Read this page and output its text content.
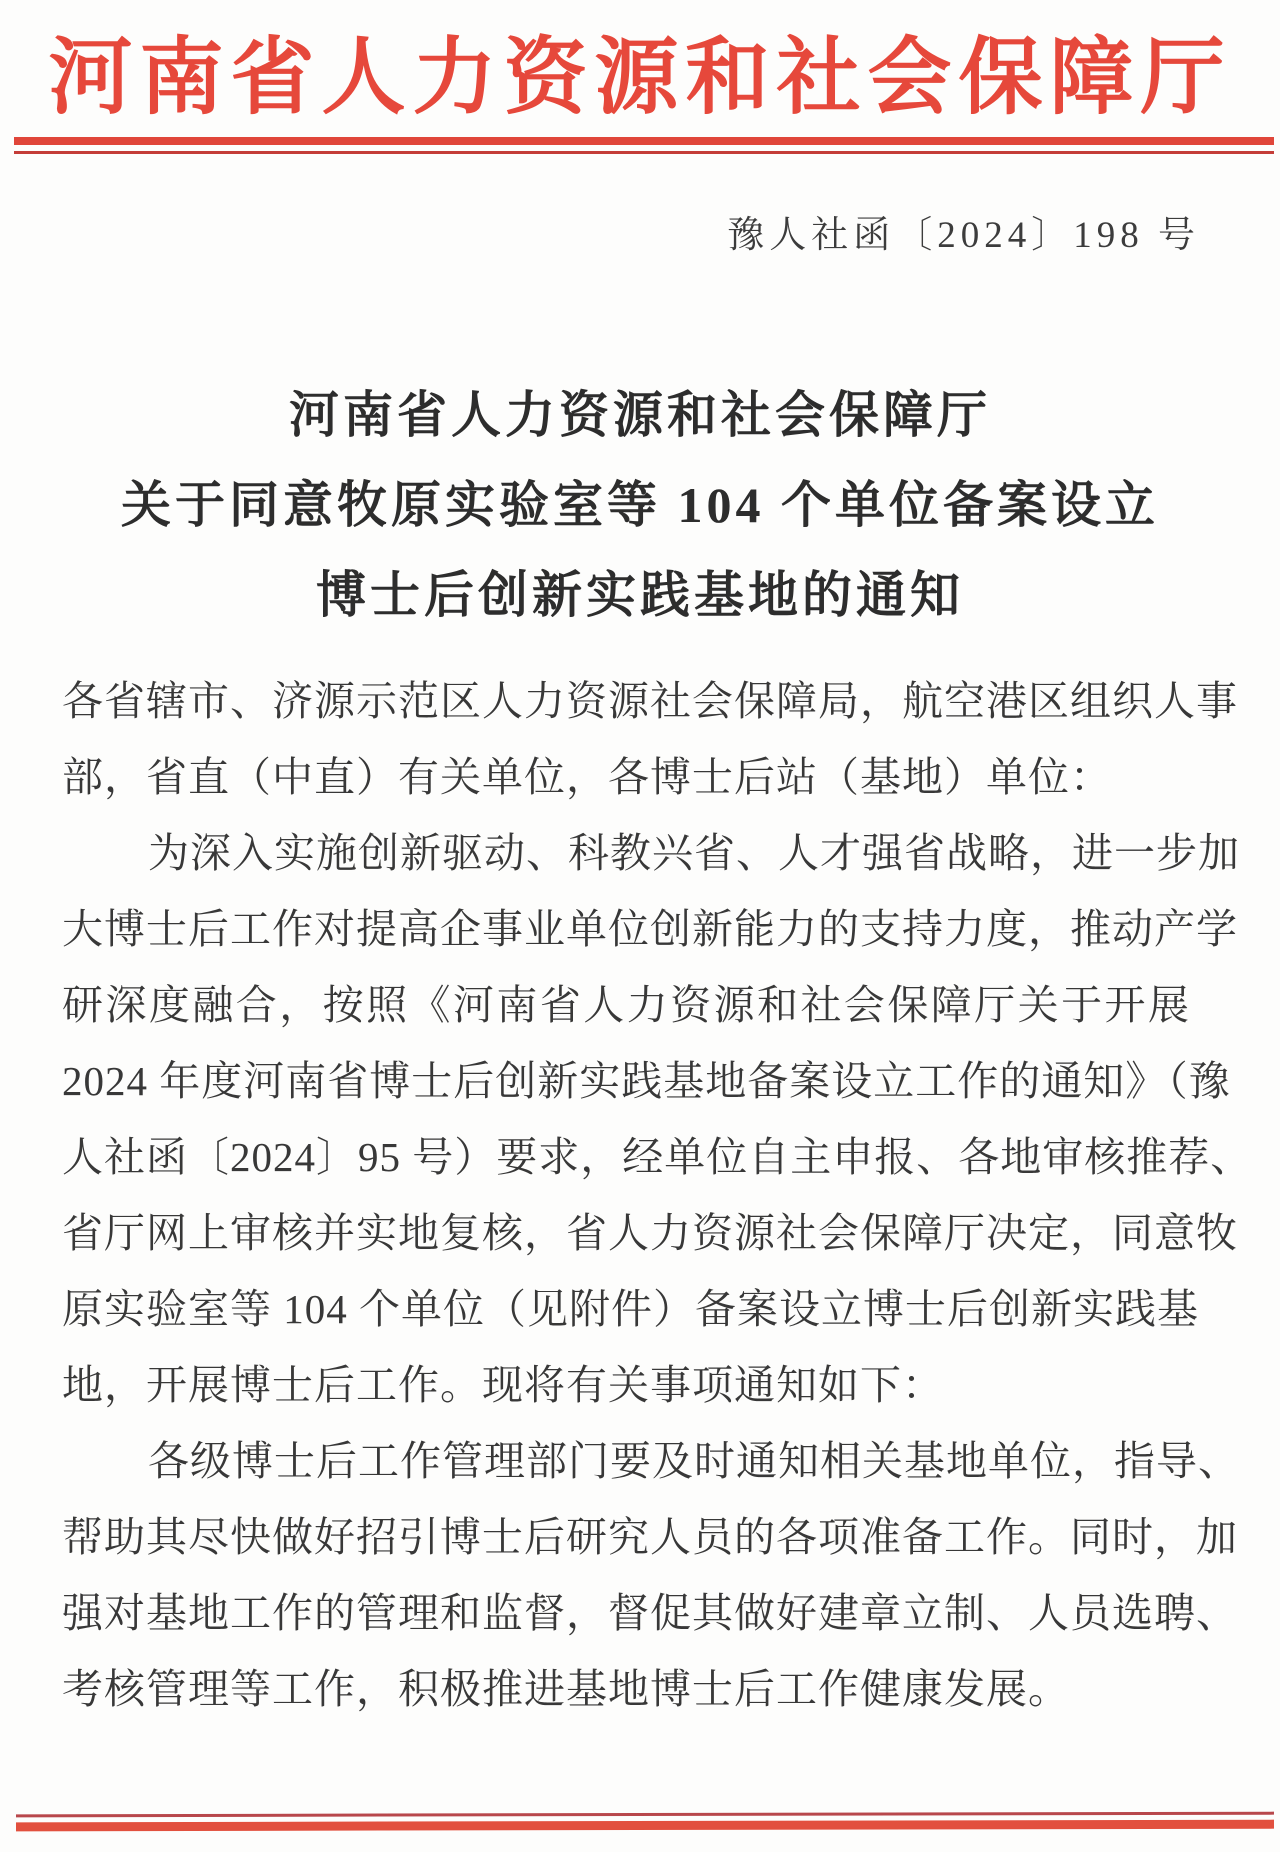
河南省人力资源和社会保障厅
豫人社函〔2024〕198 号
河南省人力资源和社会保障厅
关于同意牧原实验室等 104 个单位备案设立
博士后创新实践基地的通知
各省辖市、济源示范区人力资源社会保障局，航空港区组织人事
部，省直（中直）有关单位，各博士后站（基地）单位：
为深入实施创新驱动、科教兴省、人才强省战略，进一步加
大博士后工作对提高企事业单位创新能力的支持力度，推动产学
研深度融合，按照《河南省人力资源和社会保障厅关于开展
2024 年度河南省博士后创新实践基地备案设立工作的通知》（豫
人社函〔2024〕95 号）要求，经单位自主申报、各地审核推荐、
省厅网上审核并实地复核，省人力资源社会保障厅决定，同意牧
原实验室等 104 个单位（见附件）备案设立博士后创新实践基
地，开展博士后工作。现将有关事项通知如下：
各级博士后工作管理部门要及时通知相关基地单位，指导、
帮助其尽快做好招引博士后研究人员的各项准备工作。同时，加
强对基地工作的管理和监督，督促其做好建章立制、人员选聘、
考核管理等工作，积极推进基地博士后工作健康发展。
